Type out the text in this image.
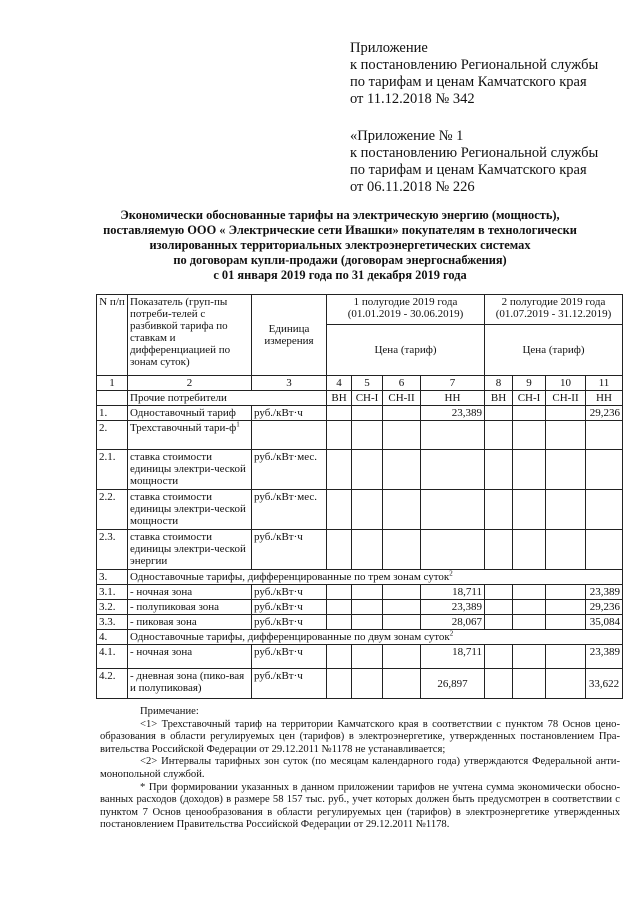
Приложение
к постановлению Региональной службы
по тарифам и ценам Камчатского края
от 11.12.2018 № 342
«Приложение № 1
к постановлению Региональной службы
по тарифам и ценам Камчатского края
от 06.11.2018 № 226
Экономически обоснованные тарифы на электрическую энергию (мощность),
поставляемую ООО « Электрические сети Ивашки» покупателям в технологически
изолированных территориальных электроэнергетических системах
по договорам купли-продажи (договорам энергоснабжения)
с 01 января 2019 года по 31 декабря 2019 года
N п/п	Показатель (груп-пы потреби-телей с разбивкой тарифа по ставкам и дифференциацией по зонам суток)	Единица измерения	1 полугодие 2019 года (01.01.2019 - 30.06.2019)				2 полугодие 2019 года (01.07.2019 - 31.12.2019)			
			Цена (тариф)				Цена (тариф)			
1	2	3	4	5	6	7	8	9	10	11
	Прочие потребители		ВН	СН-I	СН-II	НН	ВН	СН-I	СН-II	НН
1.	Одноставочный тариф	руб./кВт·ч				23,389				29,236
2.	Трехставочный тари-$ф^1$									
2.1.	ставка стоимости единицы электри-ческой мощности	руб./кВт·мес.								
2.2.	ставка стоимости единицы электри-ческой мощности	руб./кВт·мес.								
2.3.	ставка стоимости единицы электри-ческой энергии	руб./кВт·ч								
3.	Одноставочные тарифы, дифференцированные по трем зонам суток$^2$
3.1.	- ночная зона	руб./кВт·ч				18,711				23,389
3.2.	- полупиковая зона	руб./кВт·ч				23,389				29,236
3.3.	- пиковая зона	руб./кВт·ч				28,067				35,084
4.	Одноставочные тарифы, дифференцированные по двум зонам суток$^2$
4.1.	- ночная зона	руб./кВт·ч				18,711				23,389
4.2.	- дневная зона (пико-вая и полупиковая)	руб./кВт·ч				26,897				33,622

Примечание:

<1> Трехставочный тариф на территории Камчатского края в соответствии с пунктом 78 Основ цено-образования в области регулируемых цен (тарифов) в электроэнергетике, утвержденных постановлением Пра-вительства Российской Федерации от 29.12.2011 №1178 не устанавливается;

<2> Интервалы тарифных зон суток (по месяцам календарного года) утверждаются Федеральной анти-монопольной службой.

* При формировании указанных в данном приложении тарифов не учтена сумма экономически обосно-ванных расходов (доходов) в размере 58 157 тыс. руб., учет которых должен быть предусмотрен в соответствии с пунктом 7 Основ ценообразования в области регулируемых цен (тарифов) в электроэнергетике утвержденных постановлением Правительства Российской Федерации от 29.12.2011 №1178.
